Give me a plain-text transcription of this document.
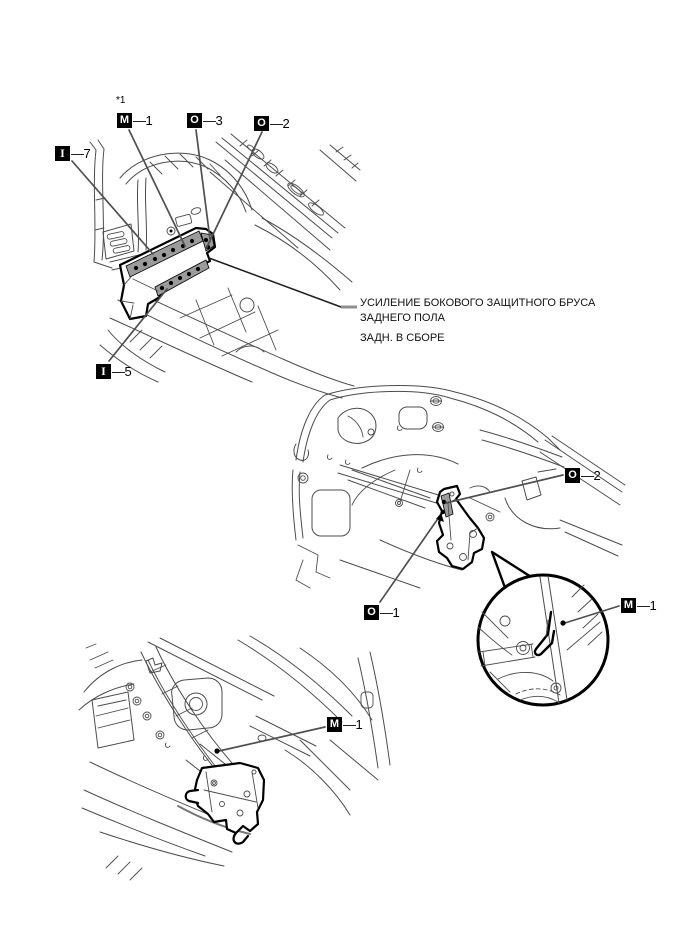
*1
M —1	O —3	O —2
I —7
I —5
O —2
O —1	M —1
M —1
УСИЛЕНИЕ БОКОВОГО ЗАЩИТНОГО БРУСА
ЗАДНЕГО ПОЛА
ЗАДН. В СБОРЕ
